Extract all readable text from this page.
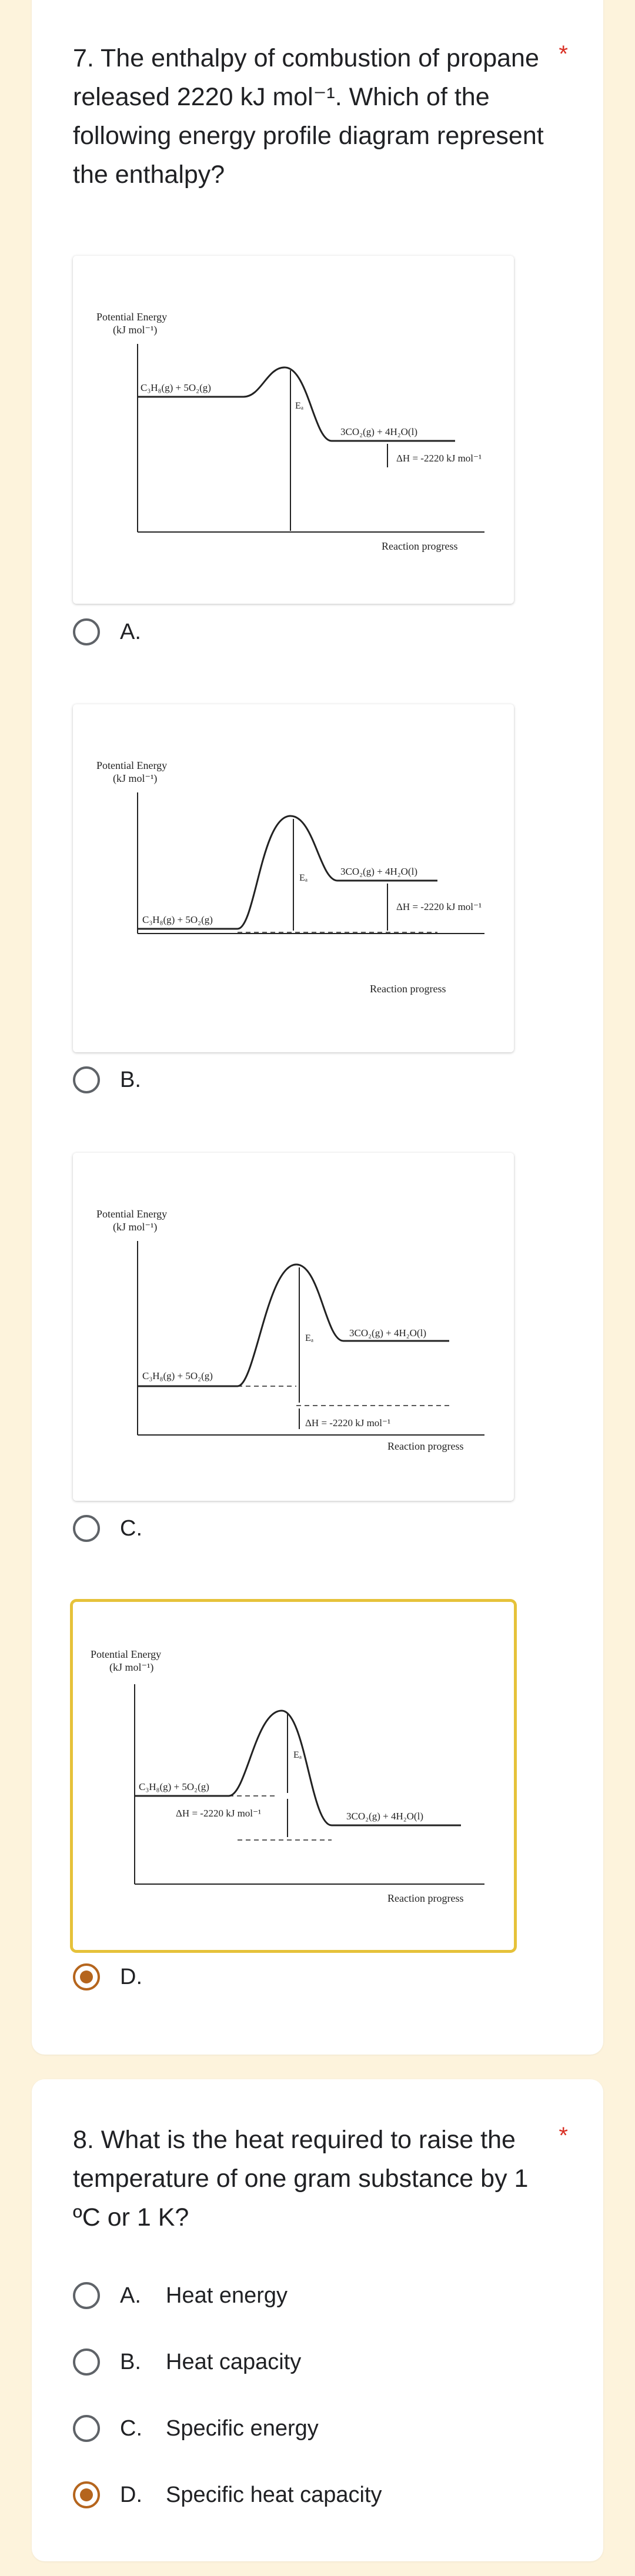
7. The enthalpy of combustion of propane released 2220 kJ mol⁻¹. Which of the following energy profile diagram represent the enthalpy?
*
Potential Energy
(kJ mol⁻¹)
Eₐ
C₃H₈(g) + 5O₂(g)
3CO₂(g) + 4H₂O(l)
ΔH = -2220 kJ mol⁻¹
Reaction progress
A.
Potential Energy
(kJ mol⁻¹)
Eₐ
C₃H₈(g) + 5O₂(g)
3CO₂(g) + 4H₂O(l)
ΔH = -2220 kJ mol⁻¹
Reaction progress
B.
Potential Energy
(kJ mol⁻¹)
Eₐ
C₃H₈(g) + 5O₂(g)
3CO₂(g) + 4H₂O(l)
ΔH = -2220 kJ mol⁻¹
Reaction progress
C.
Potential Energy
(kJ mol⁻¹)
Eₐ
C₃H₈(g) + 5O₂(g)
3CO₂(g) + 4H₂O(l)
ΔH = -2220 kJ mol⁻¹
Reaction progress
D.
8. What is the heat required to raise the temperature of one gram substance by 1 ºC or 1 K?
*
A. Heat energy
B. Heat capacity
C. Specific energy
D. Specific heat capacity
